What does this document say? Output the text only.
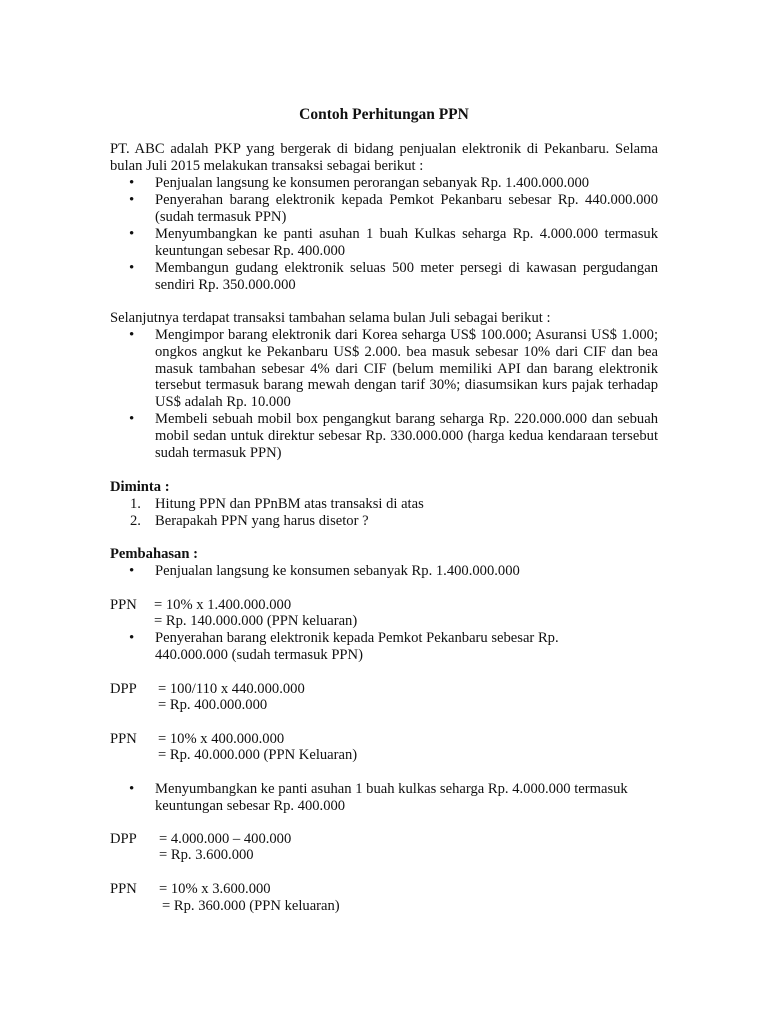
Contoh Perhitungan PPN
PT. ABC adalah PKP yang bergerak di bidang penjualan elektronik di Pekanbaru. Selama bulan Juli 2015 melakukan transaksi sebagai berikut :
•	Penjualan langsung ke konsumen perorangan sebanyak Rp. 1.400.000.000
•	Penyerahan barang elektronik kepada Pemkot Pekanbaru sebesar Rp. 440.000.000 (sudah termasuk PPN)
•	Menyumbangkan ke panti asuhan 1 buah Kulkas seharga Rp. 4.000.000 termasuk keuntungan sebesar Rp. 400.000
•	Membangun gudang elektronik seluas 500 meter persegi di kawasan pergudangan sendiri Rp. 350.000.000
Selanjutnya terdapat transaksi tambahan selama bulan Juli sebagai berikut :
•	Mengimpor barang elektronik dari Korea seharga US$ 100.000; Asuransi US$ 1.000; ongkos angkut ke Pekanbaru US$ 2.000. bea masuk sebesar 10% dari CIF dan bea masuk tambahan sebesar 4% dari CIF (belum memiliki API dan barang elektronik tersebut termasuk barang mewah dengan tarif 30%; diasumsikan kurs pajak terhadap US$ adalah Rp. 10.000
•	Membeli sebuah mobil box pengangkut barang seharga Rp. 220.000.000 dan sebuah mobil sedan untuk direktur sebesar Rp. 330.000.000 (harga kedua kendaraan tersebut sudah termasuk PPN)
Diminta :
1. Hitung PPN dan PPnBM atas transaksi di atas
2. Berapakah PPN yang harus disetor ?
Pembahasan :
•	Penjualan langsung ke konsumen sebanyak Rp. 1.400.000.000
PPN = 10% x 1.400.000.000
= Rp. 140.000.000 (PPN keluaran)
•	Penyerahan barang elektronik kepada Pemkot Pekanbaru sebesar Rp. 440.000.000 (sudah termasuk PPN)
DPP = 100/110 x 440.000.000
= Rp. 400.000.000
PPN = 10% x 400.000.000
= Rp. 40.000.000 (PPN Keluaran)
•	Menyumbangkan ke panti asuhan 1 buah kulkas seharga Rp. 4.000.000 termasuk keuntungan sebesar Rp. 400.000
DPP = 4.000.000 – 400.000
= Rp. 3.600.000
PPN = 10% x 3.600.000
= Rp. 360.000 (PPN keluaran)
